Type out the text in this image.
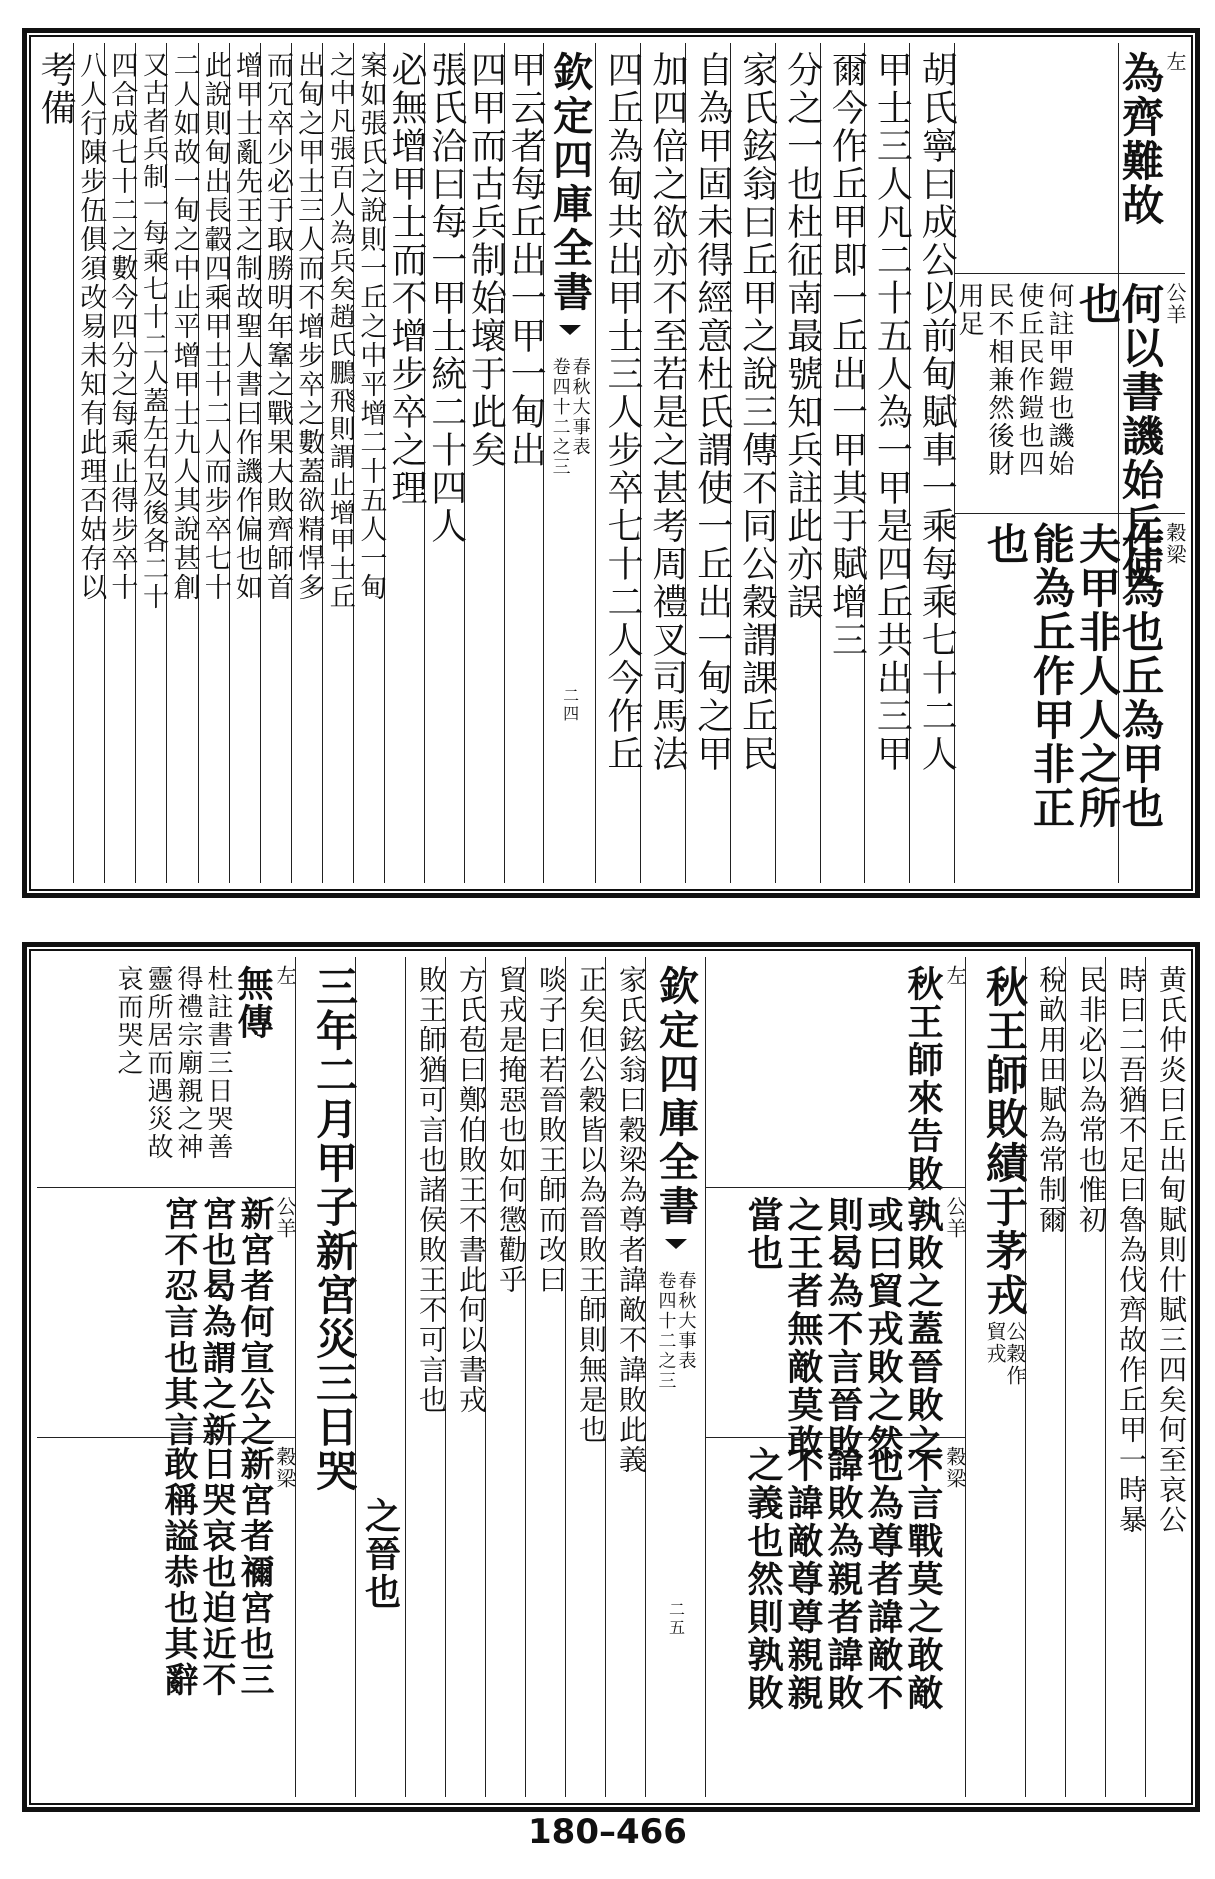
左
為齊難故
公羊
何以書譏始丘使
穀梁
作為也丘為甲也
也
何註甲鎧也譏始
使丘民作鎧也四
民不相兼然後財
用足
夫甲非人人之所
能為丘作甲非正
也
胡氏寧曰成公以前甸賦車一乘每乘七十二人
甲士三人凡二十五人為一甲是四丘共出三甲
爾今作丘甲即一丘出一甲其于賦增三
分之一也杜征南最號知兵註此亦誤
家氏鉉翁曰丘甲之說三傳不同公穀謂課丘民
自為甲固未得經意杜氏謂使一丘出一甸之甲
加四倍之欲亦不至若是之甚考周禮叉司馬法
四丘為甸共出甲士三人步卒七十二人今作丘
欽定四庫全書
春秋大事表
卷四十二之三
二四
甲云者每丘出一甲一甸出
四甲而古兵制始壞于此矣
張氏洽曰每一甲士統二十四人
必無增甲士而不增步卒之理
案如張氏之說則一丘之中平增二十五人一甸
之中凡張百人為兵矣趙氏鵬飛則謂止增甲士丘
出甸之甲士三人而不增步卒之數蓋欲精悍多
而冗卒少必于取勝明年鞌之戰果大敗齊師首
增甲士亂先王之制故聖人書曰作譏作偏也如
此說則甸出長轂四乘甲士十二人而步卒七十
二人如故一甸之中止平增甲士九人其說甚創
又古者兵制一每乘七十二人蓋左右及後各二十
四合成七十二之數今四分之每乘止得步卒十
八人行陳步伍俱須改易未知有此理否姑存以
考備
黄氏仲炎曰丘出甸賦則什賦三四矣何至哀公
時曰二吾猶不足曰魯為伐齊故作丘甲一時暴
民非必以為常也惟初
稅畝用田賦為常制爾
秋王師敗績于茅戎
公穀作
貿戎
左
秋王師來告敗
公羊
孰敗之蓋晉敗之
或曰貿戎敗之然
則曷為不言晉敗
之王者無敵莫敢
當也
穀梁
不言戰莫之敢敵
也為尊者諱敵不
諱敗為親者諱敗
不諱敵尊尊親親
之義也然則孰敗
欽定四庫全書
春秋大事表
卷四十二之三
二五
家氏鉉翁曰穀梁為尊者諱敵不諱敗此義
正矣但公穀皆以為晉敗王師則無是也
啖子曰若晉敗王師而改曰
貿戎是掩惡也如何懲勸乎
方氏苞曰鄭伯敗王不書此何以書戎
敗王師猶可言也諸侯敗王不可言也
之晉也
三年二月甲子新宮災三日哭
左
無傳
杜註書三日哭善
得禮宗廟親之神
靈所居而遇災故
哀而哭之
公羊
新宮者何宣公之
宮也曷為謂之新
宮不忍言也其言
穀梁
新宮者禰宮也三
日哭哀也迫近不
敢稱謚恭也其辭
180–466
